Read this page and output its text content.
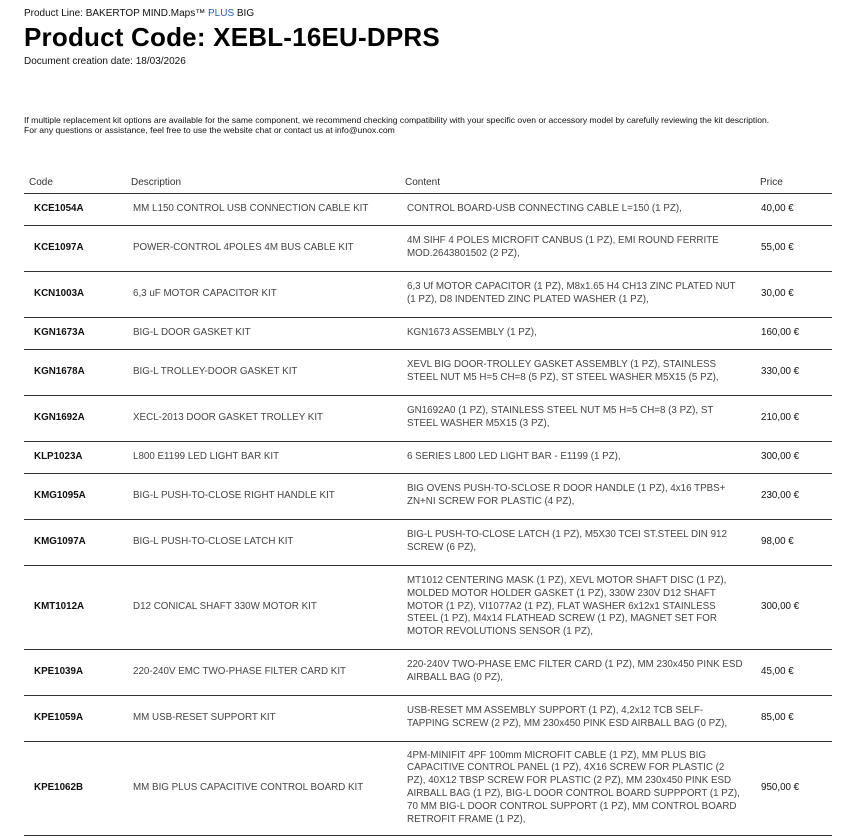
Product Line: BAKERTOP MIND.Maps™ PLUS BIG
Product Code: XEBL-16EU-DPRS
Document creation date: 18/03/2026
If multiple replacement kit options are available for the same component, we recommend checking compatibility with your specific oven or accessory model by carefully reviewing the kit description.
For any questions or assistance, feel free to use the website chat or contact us at info@unox.com
Code	Description	Content	Price
KCE1054A	MM L150 CONTROL USB CONNECTION CABLE KIT	CONTROL BOARD-USB CONNECTING CABLE L=150 (1 PZ),	40,00 €
KCE1097A	POWER-CONTROL 4POLES 4M BUS CABLE KIT	4M SIHF 4 POLES MICROFIT CANBUS (1 PZ), EMI ROUND FERRITE MOD.2643801502 (2 PZ),	55,00 €
KCN1003A	6,3 uF MOTOR CAPACITOR KIT	6,3 Uf MOTOR CAPACITOR (1 PZ), M8x1.65 H4 CH13 ZINC PLATED NUT (1 PZ), D8 INDENTED ZINC PLATED WASHER (1 PZ),	30,00 €
KGN1673A	BIG-L DOOR GASKET KIT	KGN1673 ASSEMBLY (1 PZ),	160,00 €
KGN1678A	BIG-L TROLLEY-DOOR GASKET KIT	XEVL BIG DOOR-TROLLEY GASKET ASSEMBLY (1 PZ), STAINLESS STEEL NUT M5 H=5 CH=8 (5 PZ), ST STEEL WASHER M5X15 (5 PZ),	330,00 €
KGN1692A	XECL-2013 DOOR GASKET TROLLEY KIT	GN1692A0 (1 PZ), STAINLESS STEEL NUT M5 H=5 CH=8 (3 PZ), ST STEEL WASHER M5X15 (3 PZ),	210,00 €
KLP1023A	L800 E1199 LED LIGHT BAR KIT	6 SERIES L800 LED LIGHT BAR - E1199 (1 PZ),	300,00 €
KMG1095A	BIG-L PUSH-TO-CLOSE RIGHT HANDLE KIT	BIG OVENS PUSH-TO-SCLOSE R DOOR HANDLE (1 PZ), 4x16 TPBS+ ZN+NI SCREW FOR PLASTIC (4 PZ),	230,00 €
KMG1097A	BIG-L PUSH-TO-CLOSE LATCH KIT	BIG-L PUSH-TO-CLOSE LATCH (1 PZ), M5X30 TCEI ST.STEEL DIN 912 SCREW (6 PZ),	98,00 €
KMT1012A	D12 CONICAL SHAFT 330W MOTOR KIT	MT1012 CENTERING MASK (1 PZ), XEVL MOTOR SHAFT DISC (1 PZ), MOLDED MOTOR HOLDER GASKET (1 PZ), 330W 230V D12 SHAFT MOTOR (1 PZ), VI1077A2 (1 PZ), FLAT WASHER 6x12x1 STAINLESS STEEL (1 PZ), M4x14 FLATHEAD SCREW (1 PZ), MAGNET SET FOR MOTOR REVOLUTIONS SENSOR (1 PZ),	300,00 €
KPE1039A	220-240V EMC TWO-PHASE FILTER CARD KIT	220-240V TWO-PHASE EMC FILTER CARD (1 PZ), MM 230x450 PINK ESD AIRBALL BAG (0 PZ),	45,00 €
KPE1059A	MM USB-RESET SUPPORT KIT	USB-RESET MM ASSEMBLY SUPPORT (1 PZ), 4,2x12 TCB SELF-TAPPING SCREW (2 PZ), MM 230x450 PINK ESD AIRBALL BAG (0 PZ),	85,00 €
KPE1062B	MM BIG PLUS CAPACITIVE CONTROL BOARD KIT	4PM-MINIFIT 4PF 100mm MICROFIT CABLE (1 PZ), MM PLUS BIG CAPACITIVE CONTROL PANEL (1 PZ), 4X16 SCREW FOR PLASTIC (2 PZ), 40X12 TBSP SCREW FOR PLASTIC (2 PZ), MM 230x450 PINK ESD AIRBALL BAG (1 PZ), BIG-L DOOR CONTROL BOARD SUPPPORT (1 PZ), 70 MM BIG-L DOOR CONTROL SUPPORT (1 PZ), MM CONTROL BOARD RETROFIT FRAME (1 PZ),	950,00 €
